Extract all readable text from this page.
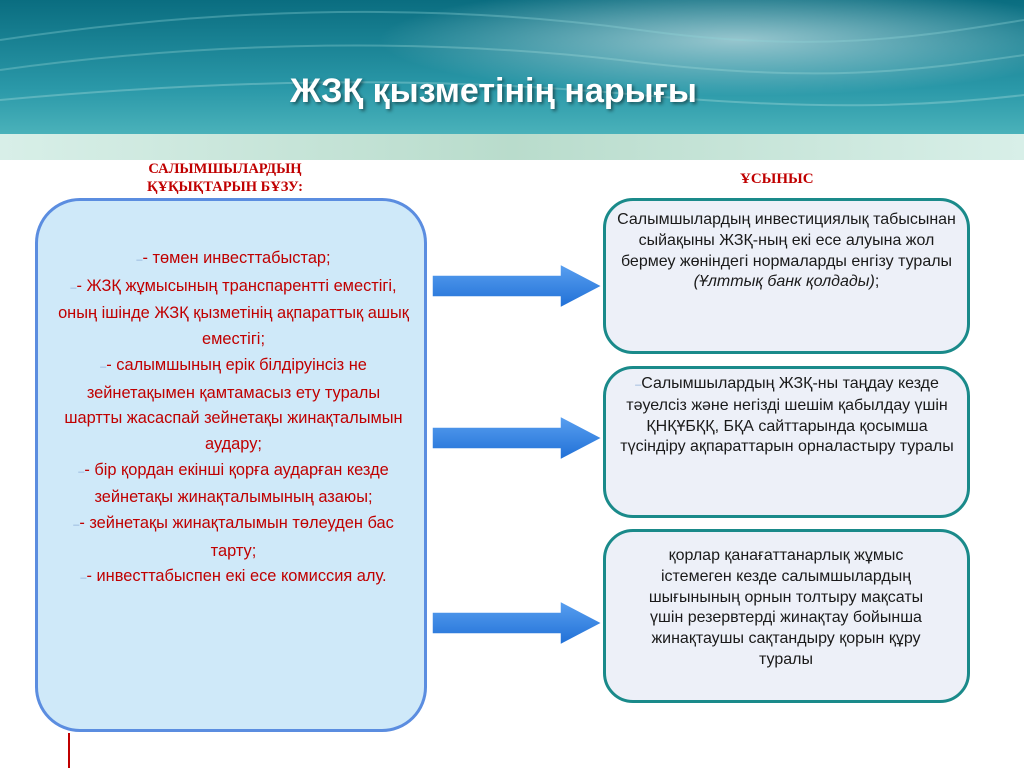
ЖЗҚ қызметінің нарығы
САЛЫМШЫЛАРДЫҢ
ҚҰҚЫҚТАРЫН БҰЗУ:	ҰСЫНЫС
–- төмен инвесттабыстар;
–- ЖЗҚ жұмысының транспарентті еместігі, оның ішінде ЖЗҚ қызметінің ақпараттық ашық еместігі;
–- салымшының ерік білдіруінсіз не зейнетақымен қамтамасыз ету туралы шартты жасаспай зейнетақы жинақталымын аудару;
–- бір қордан екінші қорға аударған кезде зейнетақы жинақталымының азаюы;
–- зейнетақы жинақталымын төлеуден бас тарту;
–- инвесттабыспен екі есе комиссия алу.
Салымшылардың инвестициялық табысынан сыйақыны ЖЗҚ-ның екі есе алуына жол бермеу жөніндегі нормаларды енгізу туралы (Ұлттық банк қолдады);
–Салымшылардың ЖЗҚ-ны таңдау кезде тәуелсіз және негізді шешім қабылдау үшін ҚНҚҰБҚҚ, БҚА сайттарында қосымша түсіндіру ақпараттарын орналастыру туралы
қорлар қанағаттанарлық жұмыс істемеген кезде салымшылардың шығынының орнын толтыру мақсаты үшін резервтерді жинақтау бойынша жинақтаушы сақтандыру қорын құру туралы
